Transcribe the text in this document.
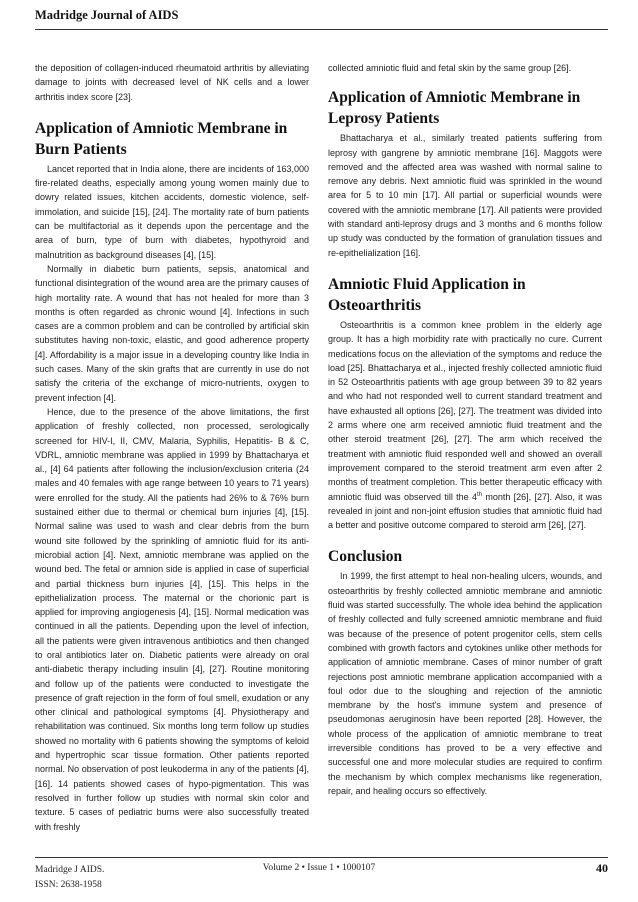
Madridge Journal of AIDS

the deposition of collagen-induced rheumatoid arthritis by alleviating damage to joints with decreased level of NK cells and a lower arthritis index score [23].

Application of Amniotic Membrane in Burn Patients

Lancet reported that in India alone, there are incidents of 163,000 fire-related deaths, especially among young women mainly due to dowry related issues, kitchen accidents, domestic violence, self-immolation, and suicide [15], [24]. The mortality rate of burn patients can be multifactorial as it depends upon the percentage and the area of burn, type of burn with diabetes, hypothyroid and malnutrition as background diseases [4], [15].

Normally in diabetic burn patients, sepsis, anatomical and functional disintegration of the wound area are the primary causes of high mortality rate. A wound that has not healed for more than 3 months is often regarded as chronic wound [4]. Infections in such cases are a common problem and can be controlled by artificial skin substitutes having non-toxic, elastic, and good adherence property [4]. Affordability is a major issue in a developing country like India in such cases. Many of the skin grafts that are currently in use do not satisfy the criteria of the exchange of micro-nutrients, oxygen to prevent infection [4].

Hence, due to the presence of the above limitations, the first application of freshly collected, non processed, serologically screened for HIV-I, II, CMV, Malaria, Syphilis, Hepatitis- B & C, VDRL, amniotic membrane was applied in 1999 by Bhattacharya et al., [4] 64 patients after following the inclusion/exclusion criteria (24 males and 40 females with age range between 10 years to 71 years) were enrolled for the study. All the patients had 26% to & 76% burn sustained either due to thermal or chemical burn injuries [4], [15]. Normal saline was used to wash and clear debris from the burn wound site followed by the sprinkling of amniotic fluid for its anti-microbial action [4]. Next, amniotic membrane was applied on the wound bed. The fetal or amnion side is applied in case of superficial and partial thickness burn injuries [4], [15]. This helps in the epithelialization process. The maternal or the chorionic part is applied for improving angiogenesis [4], [15]. Normal medication was continued in all the patients. Depending upon the level of infection, all the patients were given intravenous antibiotics and then changed to oral antibiotics later on. Diabetic patients were already on oral anti-diabetic therapy including insulin [4], [27]. Routine monitoring and follow up of the patients were conducted to investigate the presence of graft rejection in the form of foul smell, exudation or any other clinical and pathological symptoms [4]. Physiotherapy and rehabilitation was continued. Six months long term follow up studies showed no mortality with 6 patients showing the symptoms of keloid and hypertrophic scar tissue formation. Other patients reported normal. No observation of post leukoderma in any of the patients [4], [16]. 14 patients showed cases of hypo-pigmentation. This was resolved in further follow up studies with normal skin color and texture. 5 cases of pediatric burns were also successfully treated with freshly

collected amniotic fluid and fetal skin by the same group [26].

Application of Amniotic Membrane in Leprosy Patients

Bhattacharya et al., similarly treated patients suffering from leprosy with gangrene by amniotic membrane [16]. Maggots were removed and the affected area was washed with normal saline to remove any debris. Next amniotic fluid was sprinkled in the wound area for 5 to 10 min [17]. All partial or superficial wounds were covered with the amniotic membrane [17]. All patients were provided with standard anti-leprosy drugs and 3 months and 6 months follow up study was conducted by the formation of granulation tissues and re-epithelialization [16].

Amniotic Fluid Application in Osteoarthritis

Osteoarthritis is a common knee problem in the elderly age group. It has a high morbidity rate with practically no cure. Current medications focus on the alleviation of the symptoms and reduce the load [25]. Bhattacharya et al., injected freshly collected amniotic fluid in 52 Osteoarthritis patients with age group between 39 to 82 years and who had not responded well to current standard treatment and have exhausted all options [26], [27]. The treatment was divided into 2 arms where one arm received amniotic fluid treatment and the other steroid treatment [26], [27]. The arm which received the treatment with amniotic fluid responded well and showed an overall improvement compared to the steroid treatment arm even after 2 months of treatment completion. This better therapeutic efficacy with amniotic fluid was observed till the 4th month [26], [27]. Also, it was revealed in joint and non-joint effusion studies that amniotic fluid had a better and positive outcome compared to steroid arm [26], [27].

Conclusion

In 1999, the first attempt to heal non-healing ulcers, wounds, and osteoarthritis by freshly collected amniotic membrane and amniotic fluid was started successfully. The whole idea behind the application of freshly collected and fully screened amniotic membrane and fluid was because of the presence of potent progenitor cells, stem cells combined with growth factors and cytokines unlike other methods for application of amniotic membrane. Cases of minor number of graft rejections post amniotic membrane application accompanied with a foul odor due to the sloughing and rejection of the amniotic membrane by the host's immune system and presence of pseudomonas aeruginosin have been reported [28]. However, the whole process of the application of amniotic membrane to treat irreversible conditions has proved to be a very effective and successful one and more molecular studies are required to confirm the mechanism by which complex mechanisms like regeneration, repair, and healing occurs so effectively.

Madridge J AIDS.
ISSN: 2638-1958
Volume 2 • Issue 1 • 1000107	40
